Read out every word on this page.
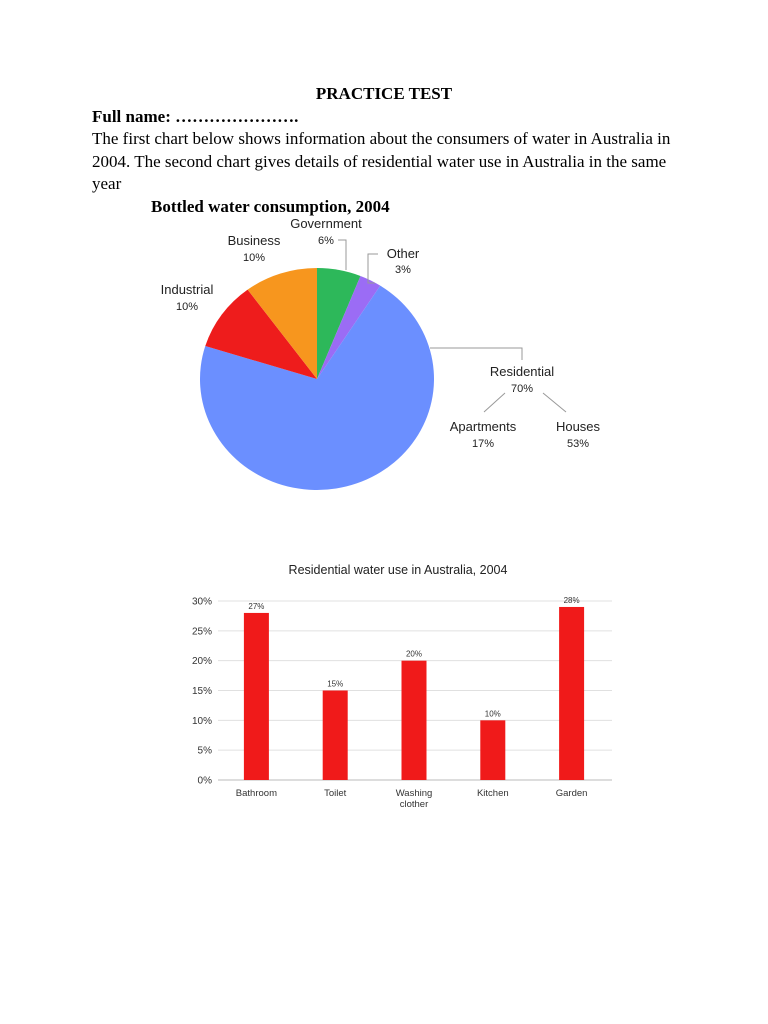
PRACTICE TEST
Full name: ………………….
The first chart below shows information about the consumers of water in Australia in 2004. The second chart gives details of residential water use in Australia in the same year
Bottled water consumption, 2004
Government
6%
Other
3%
Business
10%
Industrial
10%
Residential
70%
Apartments
17%
Houses
53%
Residential water use in Australia, 2004
0%
5%
10%
15%
20%
25%
30%	27%
Bathroom
15%
Toilet
20%
Washing
clother
10%
Kitchen
28%
Garden
